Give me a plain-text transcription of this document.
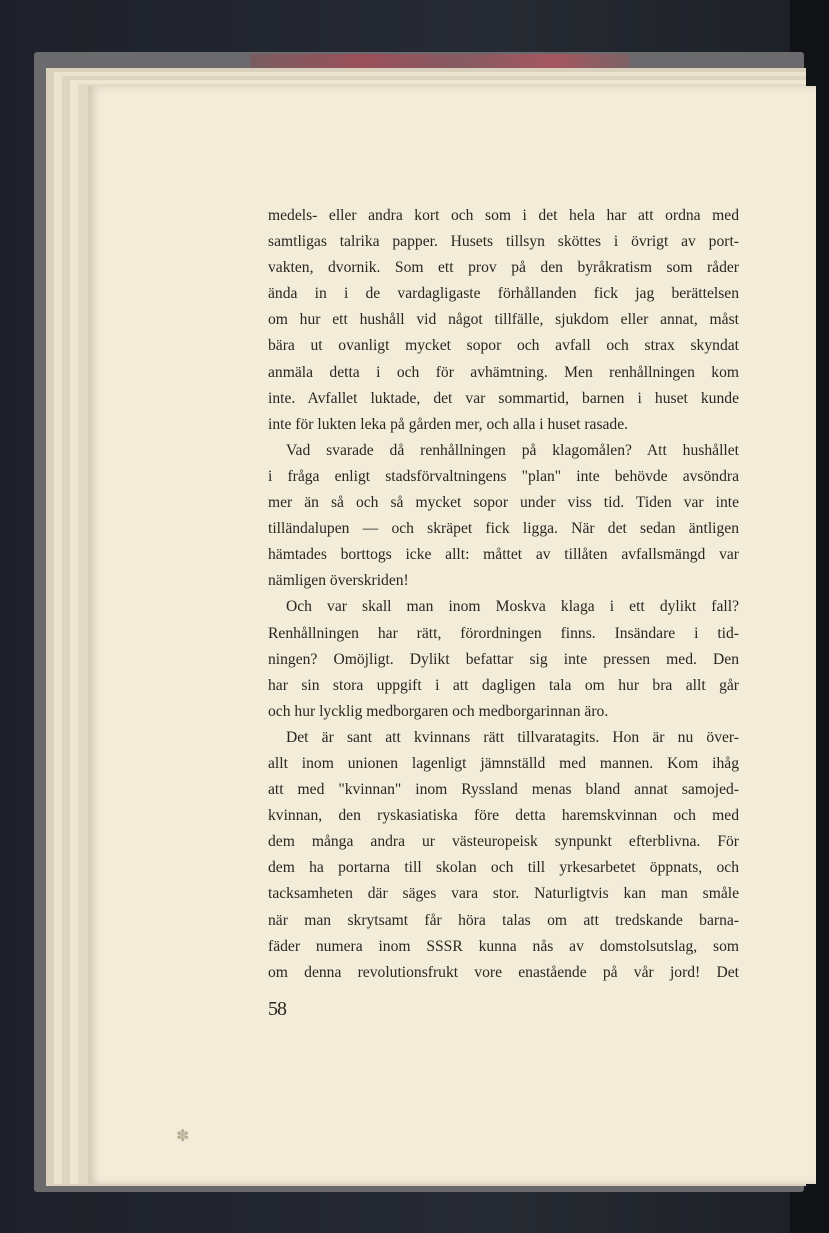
medels- eller andra kort och som i det hela har att ordna med
samtligas talrika papper. Husets tillsyn sköttes i övrigt av port-
vakten, dvornik. Som ett prov på den byråkratism som råder
ända in i de vardagligaste förhållanden fick jag berättelsen
om hur ett hushåll vid något tillfälle, sjukdom eller annat, måst
bära ut ovanligt mycket sopor och avfall och strax skyndat
anmäla detta i och för avhämtning. Men renhållningen kom
inte. Avfallet luktade, det var sommartid, barnen i huset kunde
inte för lukten leka på gården mer, och alla i huset rasade.

Vad svarade då renhållningen på klagomålen? Att hushållet
i fråga enligt stadsförvaltningens "plan" inte behövde avsöndra
mer än så och så mycket sopor under viss tid. Tiden var inte
tilländalupen — och skräpet fick ligga. När det sedan äntligen
hämtades borttogs icke allt: måttet av tillåten avfallsmängd var
nämligen överskriden!

Och var skall man inom Moskva klaga i ett dylikt fall?
Renhållningen har rätt, förordningen finns. Insändare i tid-
ningen? Omöjligt. Dylikt befattar sig inte pressen med. Den
har sin stora uppgift i att dagligen tala om hur bra allt går
och hur lycklig medborgaren och medborgarinnan äro.

Det är sant att kvinnans rätt tillvaratagits. Hon är nu över-
allt inom unionen lagenligt jämnställd med mannen. Kom ihåg
att med "kvinnan" inom Ryssland menas bland annat samojed-
kvinnan, den ryskasiatiska före detta haremskvinnan och med
dem många andra ur västeuropeisk synpunkt efterblivna. För
dem ha portarna till skolan och till yrkesarbetet öppnats, och
tacksamheten där säges vara stor. Naturligtvis kan man småle
när man skrytsamt får höra talas om att tredskande barna-
fäder numera inom SSSR kunna nås av domstolsutslag, som
om denna revolutionsfrukt vore enastående på vår jord! Det

58
✽
